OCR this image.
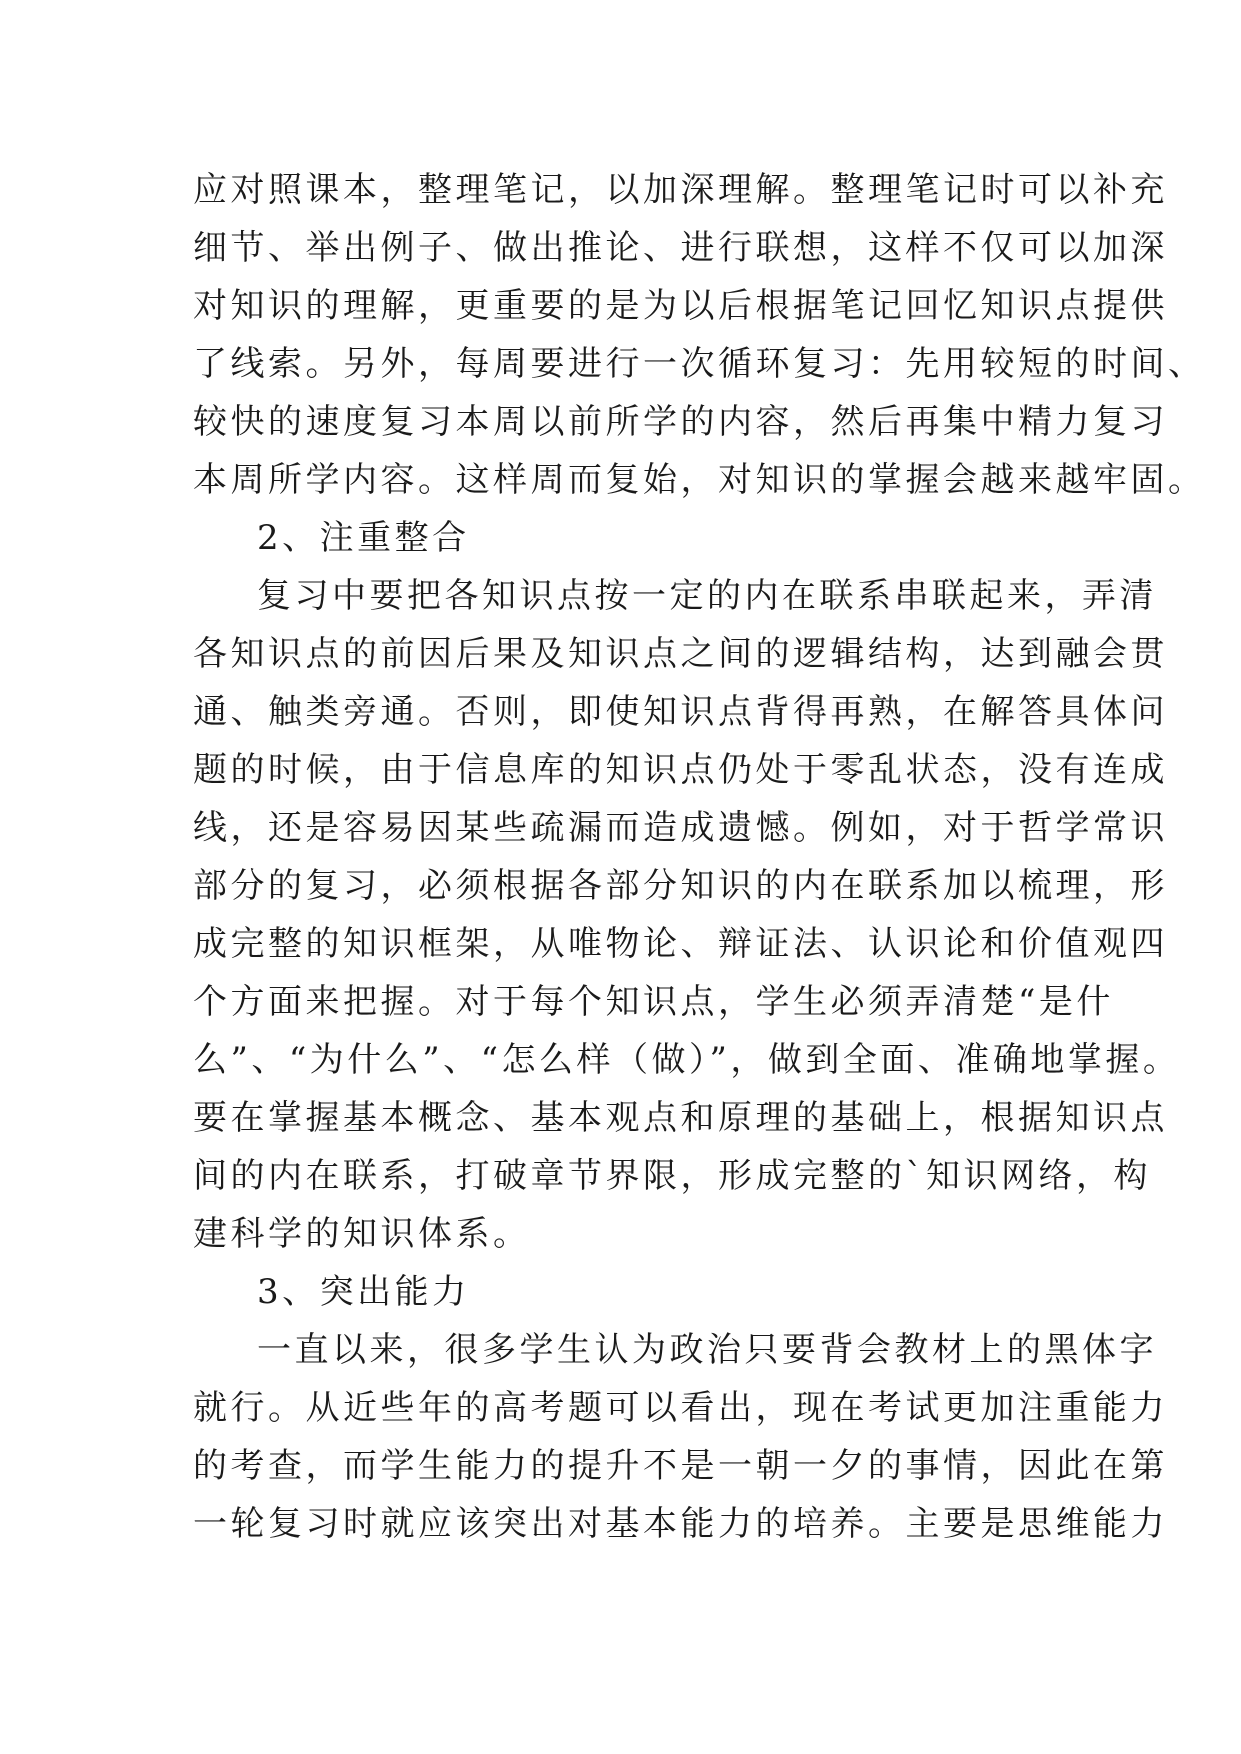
应对照课本，整理笔记，以加深理解。整理笔记时可以补充
细节、举出例子、做出推论、进行联想，这样不仅可以加深
对知识的理解，更重要的是为以后根据笔记回忆知识点提供
了线索。另外，每周要进行一次循环复习：先用较短的时间、
较快的速度复习本周以前所学的内容，然后再集中精力复习
本周所学内容。这样周而复始，对知识的掌握会越来越牢固。
2、注重整合
复习中要把各知识点按一定的内在联系串联起来，弄清
各知识点的前因后果及知识点之间的逻辑结构，达到融会贯
通、触类旁通。否则，即使知识点背得再熟，在解答具体问
题的时候，由于信息库的知识点仍处于零乱状态，没有连成
线，还是容易因某些疏漏而造成遗憾。例如，对于哲学常识
部分的复习，必须根据各部分知识的内在联系加以梳理，形
成完整的知识框架，从唯物论、辩证法、认识论和价值观四
个方面来把握。对于每个知识点，学生必须弄清楚“是什
么”、“为什么”、“怎么样（做）”，做到全面、准确地掌握。
要在掌握基本概念、基本观点和原理的基础上，根据知识点
间的内在联系，打破章节界限，形成完整的`知识网络，构
建科学的知识体系。
3、突出能力
一直以来，很多学生认为政治只要背会教材上的黑体字
就行。从近些年的高考题可以看出，现在考试更加注重能力
的考查，而学生能力的提升不是一朝一夕的事情，因此在第
一轮复习时就应该突出对基本能力的培养。主要是思维能力
